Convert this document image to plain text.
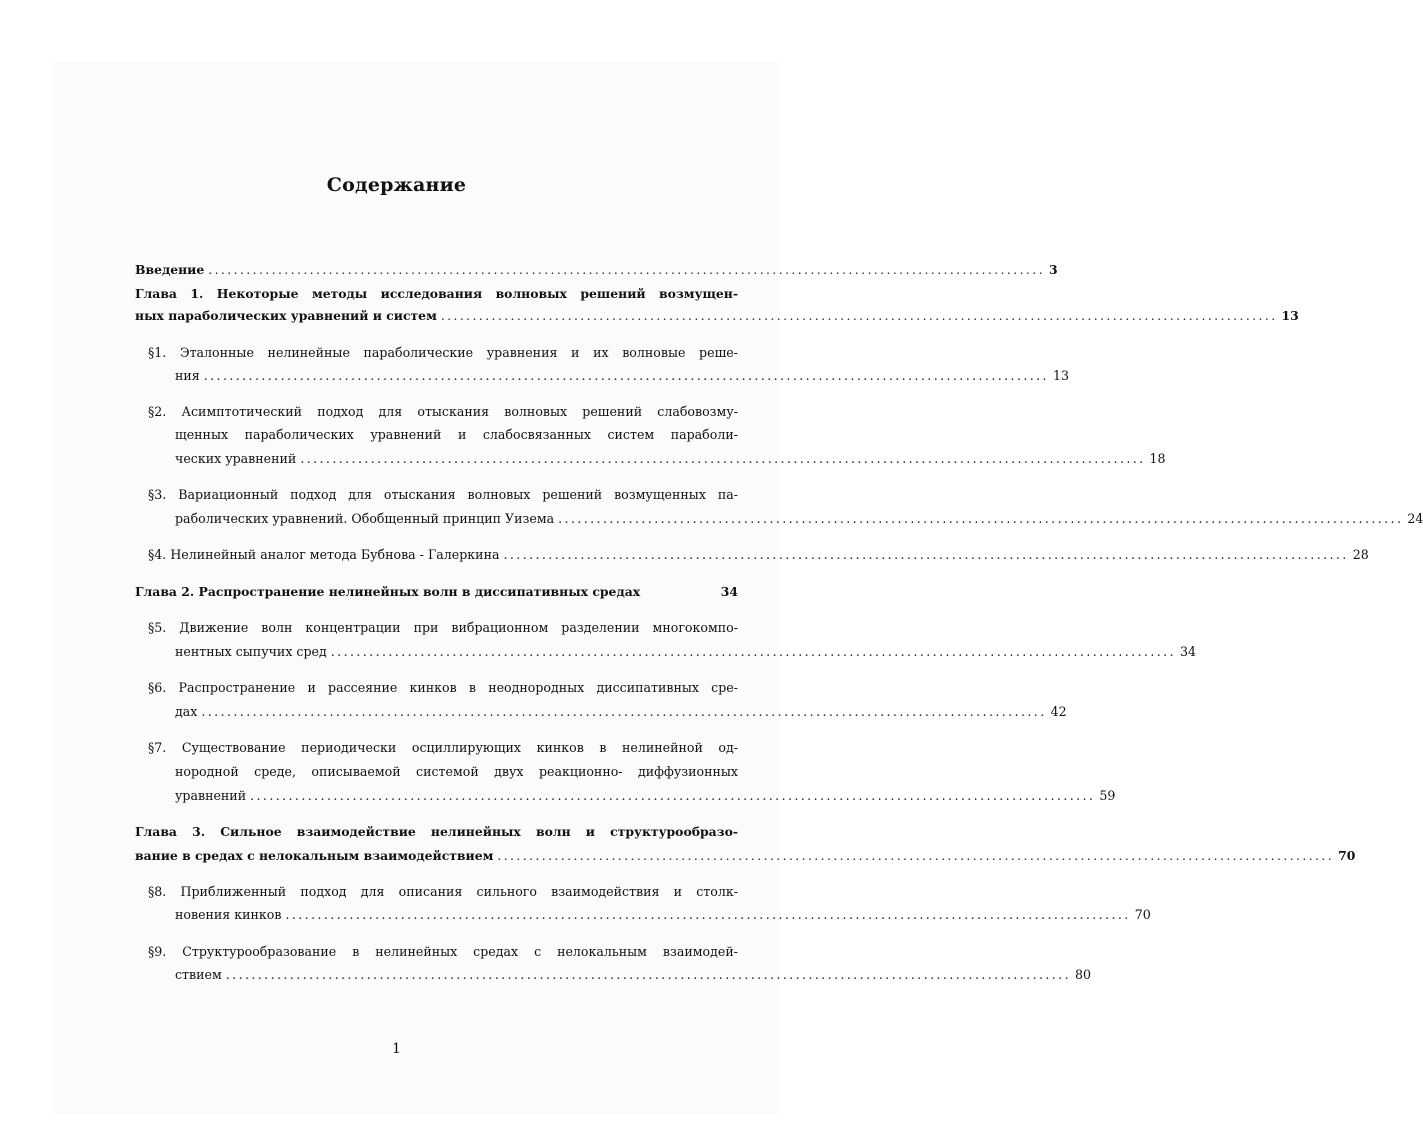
Содержание
Введение .................................................................................................................................... 3
Глава 1. Некоторые методы исследования волновых решений возмущен-
ных параболических уравнений и систем .................................................................................................................................... 13
§1. Эталонные нелинейные параболические уравнения и их волновые реше-
ния .................................................................................................................................... 13
§2. Асимптотический подход для отыскания волновых решений слабовозму-
щенных параболических уравнений и слабосвязанных систем параболи-
ческих уравнений .................................................................................................................................... 18
§3. Вариационный подход для отыскания волновых решений возмущенных па-
раболических уравнений. Обобщенный принцип Уизема .................................................................................................................................... 24
§4. Нелинейный аналог метода Бубнова - Галеркина .................................................................................................................................... 28
Глава 2. Распространение нелинейных волн в диссипативных средах	34
§5. Движение волн концентрации при вибрационном разделении многокомпо-
нентных сыпучих сред .................................................................................................................................... 34
§6. Распространение и рассеяние кинков в неоднородных диссипативных сре-
дах .................................................................................................................................... 42
§7. Существование периодически осциллирующих кинков в нелинейной од-
нородной среде, описываемой системой двух реакционно- диффузионных
уравнений .................................................................................................................................... 59
Глава 3. Сильное взаимодействие нелинейных волн и структурообразо-
вание в средах с нелокальным взаимодействием .................................................................................................................................... 70
§8. Приближенный подход для описания сильного взаимодействия и столк-
новения кинков .................................................................................................................................... 70
§9. Структурообразование в нелинейных средах с нелокальным взаимодей-
ствием .................................................................................................................................... 80
1
